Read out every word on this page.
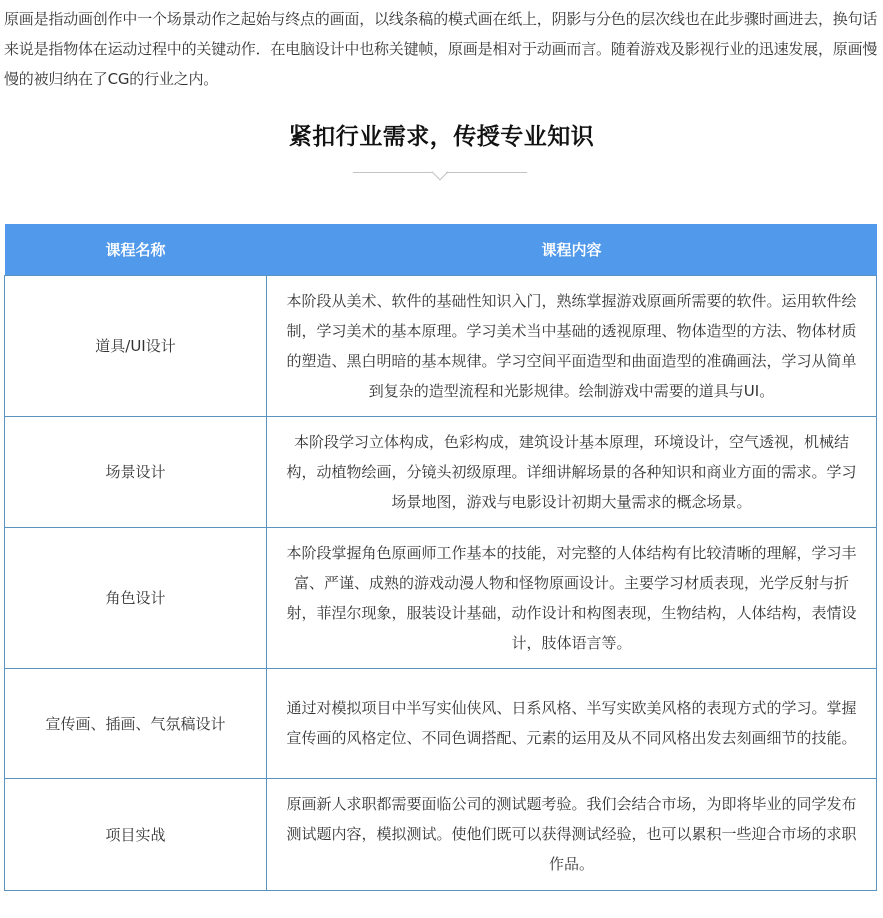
原画是指动画创作中一个场景动作之起始与终点的画面，以线条稿的模式画在纸上，阴影与分色的层次线也在此步骤时画进去，换句话来说是指物体在运动过程中的关键动作．在电脑设计中也称关键帧，原画是相对于动画而言。随着游戏及影视行业的迅速发展，原画慢慢的被归纳在了CG的行业之内。

紧扣行业需求，传授专业知识
课程名称	课程内容
道具/UI设计	本阶段从美术、软件的基础性知识入门，熟练掌握游戏原画所需要的软件。运用软件绘制，学习美术的基本原理。学习美术当中基础的透视原理、物体造型的方法、物体材质的塑造、黑白明暗的基本规律。学习空间平面造型和曲面造型的准确画法，学习从简单到复杂的造型流程和光影规律。绘制游戏中需要的道具与UI。
场景设计	本阶段学习立体构成，色彩构成，建筑设计基本原理，环境设计，空气透视，机械结构，动植物绘画，分镜头初级原理。详细讲解场景的各种知识和商业方面的需求。学习场景地图，游戏与电影设计初期大量需求的概念场景。
角色设计	本阶段掌握角色原画师工作基本的技能，对完整的人体结构有比较清晰的理解，学习丰富、严谨、成熟的游戏动漫人物和怪物原画设计。主要学习材质表现，光学反射与折射，菲涅尔现象，服装设计基础，动作设计和构图表现，生物结构，人体结构，表情设计，肢体语言等。
宣传画、插画、气氛稿设计	通过对模拟项目中半写实仙侠风、日系风格、半写实欧美风格的表现方式的学习。掌握宣传画的风格定位、不同色调搭配、元素的运用及从不同风格出发去刻画细节的技能。
项目实战	原画新人求职都需要面临公司的测试题考验。我们会结合市场，为即将毕业的同学发布测试题内容，模拟测试。使他们既可以获得测试经验，也可以累积一些迎合市场的求职作品。
